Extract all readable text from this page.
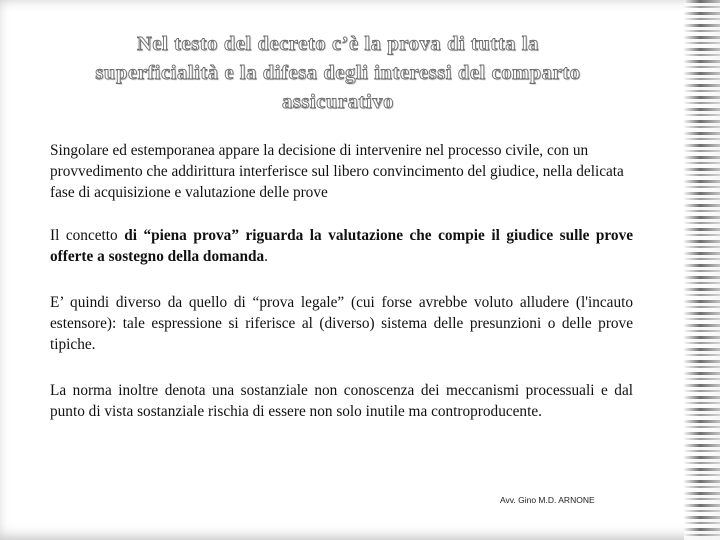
Nel testo del decreto c’è la prova di tutta la superficialità e la difesa degli interessi del comparto assicurativo
Singolare ed estemporanea appare la decisione di intervenire nel processo civile, con un provvedimento che addirittura interferisce sul libero convincimento del giudice, nella delicata fase di acquisizione e valutazione delle prove
Il concetto di “piena prova” riguarda la valutazione che compie il giudice sulle prove offerte a sostegno della domanda.
E’ quindi diverso da quello di “prova legale” (cui forse avrebbe voluto alludere (l'incauto estensore): tale espressione si riferisce al (diverso) sistema delle presunzioni o delle prove tipiche.
La norma inoltre denota una sostanziale non conoscenza dei meccanismi processuali e dal punto di vista sostanziale rischia di essere non solo inutile ma controproducente.
Avv. Gino M.D. ARNONE
